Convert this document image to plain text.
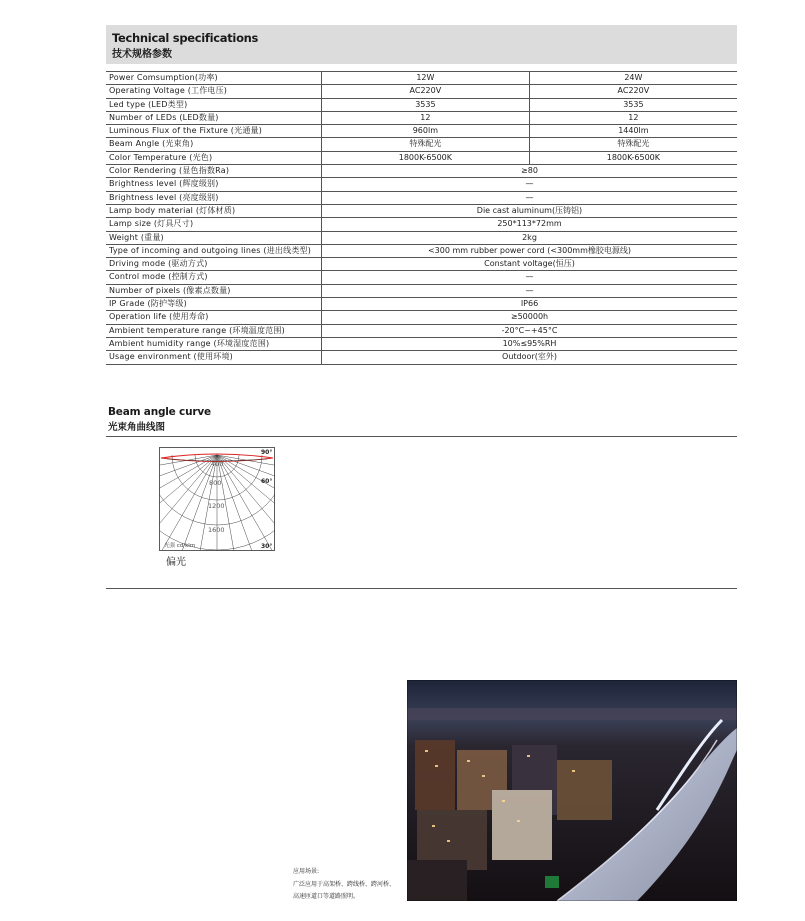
Technical specifications
技术规格参数
Power Comsumption(功率)	12W	24W
Operating Voltage (工作电压)	AC220V	AC220V
Led type (LED类型)	3535	3535
Number of LEDs (LED数量)	12	12
Luminous Flux of the Fixture (光通量)	960lm	1440lm
Beam Angle (光束角)	特殊配光	特殊配光
Color Temperature (光色)	1800K-6500K	1800K-6500K
Color Rendering (显色指数Ra)	≥80	
Brightness level (辉度级别)	—	
Brightness level (亮度级别)	—	
Lamp body material (灯体材质)	Die cast aluminum(压铸铝)	
Lamp size (灯具尺寸)	250*113*72mm	
Weight (重量)	2kg	
Type of incoming and outgoing lines (进出线类型)	<300 mm rubber power cord (<300mm橡胶电源线)	
Driving mode (驱动方式)	Constant voltage(恒压)	
Control mode (控制方式)	—	
Number of pixels (像素点数量)	—	
IP Grade (防护等级)	IP66	
Operation life (使用寿命)	≥50000h	
Ambient temperature range (环境温度范围)	-20°C~+45°C	
Ambient humidity range (环境湿度范围)	10%≤95%RH	
Usage environment (使用环境)	Outdoor(室外)	
Beam angle curve
光束角曲线图
400
800
1200
1600
90°
60°
30°
光强 cd/klm
偏光
应用场景:
广泛应用于高架桥、跨线桥、跨河桥、
高速匝道口等道路照明。
